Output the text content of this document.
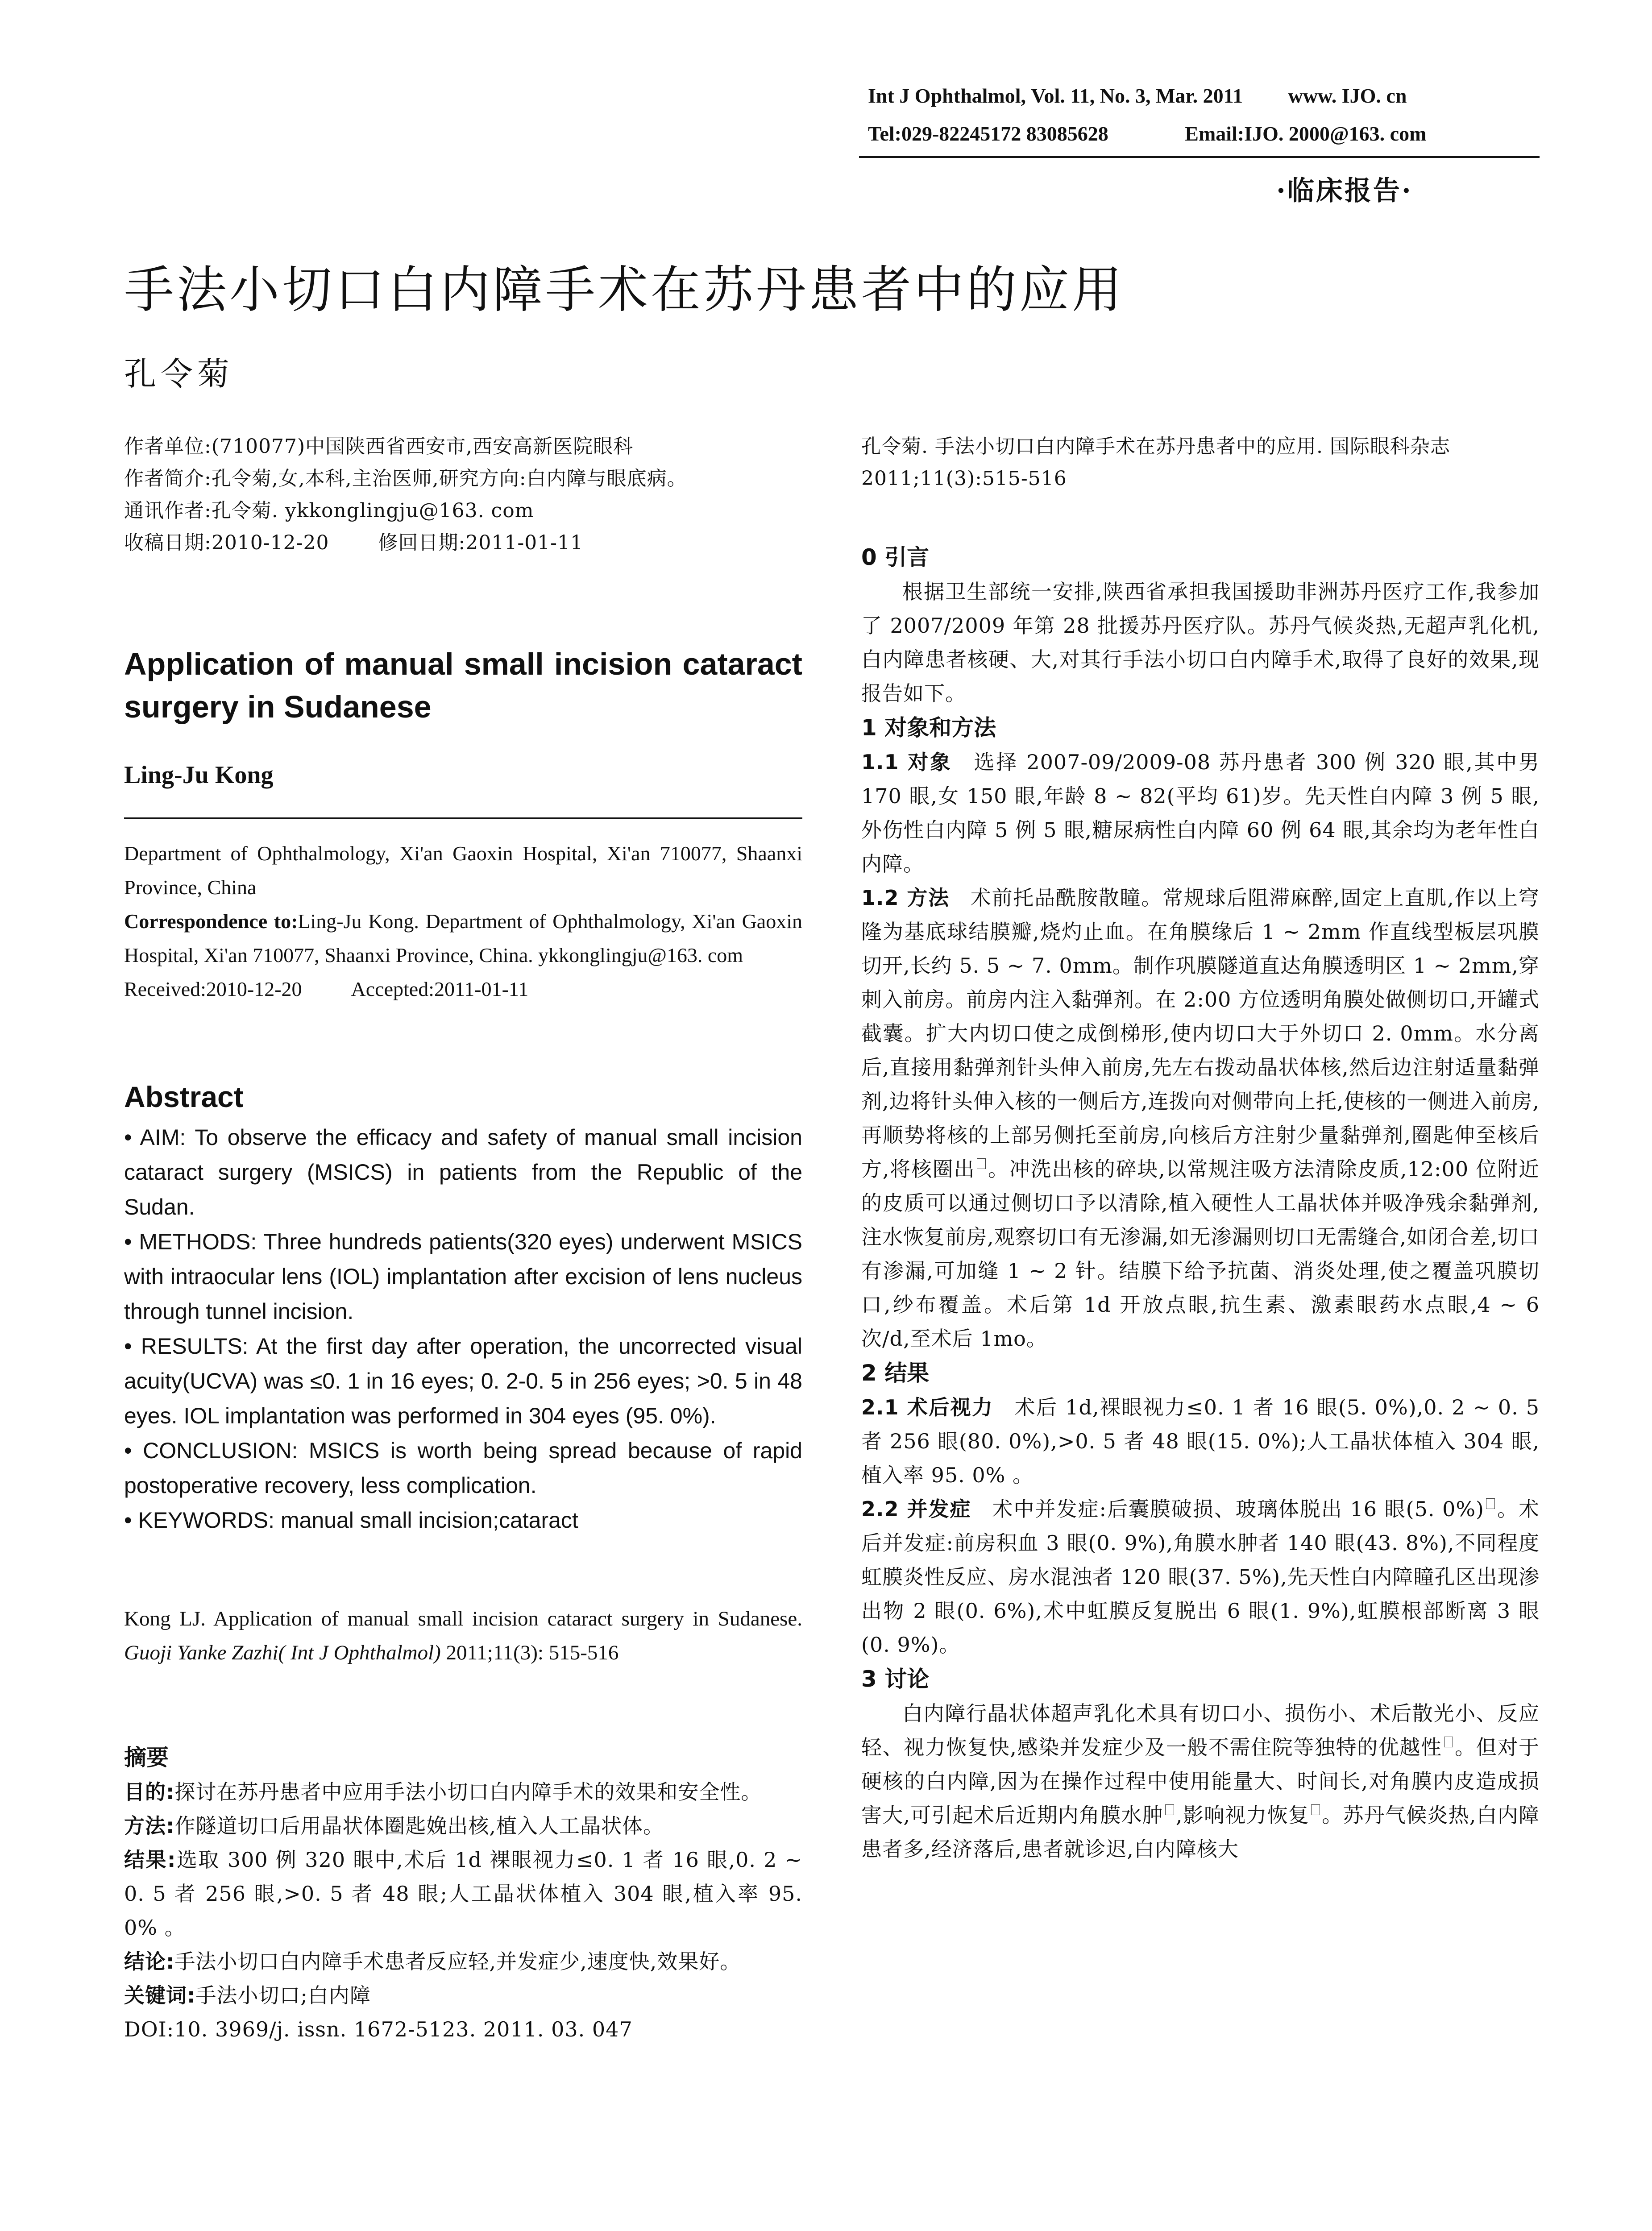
Int J Ophthalmol, Vol. 11, No. 3, Mar. 2011 www. IJO. cn
Tel:029-82245172 83085628	Email:IJO. 2000@163. com
·临床报告·
手法小切口白内障手术在苏丹患者中的应用
孔令菊

作者单位:(710077)中国陕西省西安市,西安高新医院眼科

作者简介:孔令菊,女,本科,主治医师,研究方向:白内障与眼底病。

通讯作者:孔令菊. ykkonglingju@163. com

收稿日期:2010-12-20	修回日期:2011-01-11

Application of manual small incision cataract surgery in Sudanese
Ling-Ju Kong

Department of Ophthalmology, Xi'an Gaoxin Hospital, Xi'an 710077, Shaanxi Province, China

Correspondence to:Ling-Ju Kong. Department of Ophthalmology, Xi'an Gaoxin Hospital, Xi'an 710077, Shaanxi Province, China. ykkonglingju@163. com

Received:2010-12-20 Accepted:2011-01-11

Abstract

• AIM: To observe the efficacy and safety of manual small incision cataract surgery (MSICS) in patients from the Republic of the Sudan.

• METHODS: Three hundreds patients(320 eyes) underwent MSICS with intraocular lens (IOL) implantation after excision of lens nucleus through tunnel incision.

• RESULTS: At the first day after operation, the uncorrected visual acuity(UCVA) was ≤0. 1 in 16 eyes; 0. 2-0. 5 in 256 eyes; >0. 5 in 48 eyes. IOL implantation was performed in 304 eyes (95. 0%).

• CONCLUSION: MSICS is worth being spread because of rapid postoperative recovery, less complication.

• KEYWORDS: manual small incision;cataract

Kong LJ. Application of manual small incision cataract surgery in Sudanese. Guoji Yanke Zazhi( Int J Ophthalmol) 2011;11(3): 515-516

摘要

目的:探讨在苏丹患者中应用手法小切口白内障手术的效果和安全性。

方法:作隧道切口后用晶状体圈匙娩出核,植入人工晶状体。

结果:选取 300 例 320 眼中,术后 1d 裸眼视力≤0. 1 者 16 眼,0. 2 ~ 0. 5 者 256 眼,>0. 5 者 48 眼;人工晶状体植入 304 眼,植入率 95. 0% 。

结论:手法小切口白内障手术患者反应轻,并发症少,速度快,效果好。

关键词:手法小切口;白内障

DOI:10. 3969/j. issn. 1672-5123. 2011. 03. 047

孔令菊. 手法小切口白内障手术在苏丹患者中的应用. 国际眼科杂志 2011;11(3):515-516

0 引言

根据卫生部统一安排,陕西省承担我国援助非洲苏丹医疗工作,我参加了 2007/2009 年第 28 批援苏丹医疗队。苏丹气候炎热,无超声乳化机,白内障患者核硬、大,对其行手法小切口白内障手术,取得了良好的效果,现报告如下。

1 对象和方法

1.1 对象 选择 2007-09/2009-08 苏丹患者 300 例 320 眼,其中男 170 眼,女 150 眼,年龄 8 ~ 82(平均 61)岁。先天性白内障 3 例 5 眼,外伤性白内障 5 例 5 眼,糖尿病性白内障 60 例 64 眼,其余均为老年性白内障。

1.2 方法 术前托品酰胺散瞳。常规球后阻滞麻醉,固定上直肌,作以上穹隆为基底球结膜瓣,烧灼止血。在角膜缘后 1 ~ 2mm 作直线型板层巩膜切开,长约 5. 5 ~ 7. 0mm。制作巩膜隧道直达角膜透明区 1 ~ 2mm,穿刺入前房。前房内注入黏弹剂。在 2:00 方位透明角膜处做侧切口,开罐式截囊。扩大内切口使之成倒梯形,使内切口大于外切口 2. 0mm。水分离后,直接用黏弹剂针头伸入前房,先左右拨动晶状体核,然后边注射适量黏弹剂,边将针头伸入核的一侧后方,连拨向对侧带向上托,使核的一侧进入前房,再顺势将核的上部另侧托至前房,向核后方注射少量黏弹剂,圈匙伸至核后方,将核圈出 。冲洗出核的碎块,以常规注吸方法清除皮质,12:00 位附近的皮质可以通过侧切口予以清除,植入硬性人工晶状体并吸净残余黏弹剂,注水恢复前房,观察切口有无渗漏,如无渗漏则切口无需缝合,如闭合差,切口有渗漏,可加缝 1 ~ 2 针。结膜下给予抗菌、消炎处理,使之覆盖巩膜切口,纱布覆盖。术后第 1d 开放点眼,抗生素、激素眼药水点眼,4 ~ 6 次/d,至术后 1mo。

2 结果

2.1 术后视力 术后 1d,裸眼视力≤0. 1 者 16 眼(5. 0%),0. 2 ~ 0. 5 者 256 眼(80. 0%),>0. 5 者 48 眼(15. 0%);人工晶状体植入 304 眼,植入率 95. 0% 。

2.2 并发症 术中并发症:后囊膜破损、玻璃体脱出 16 眼(5. 0%) 。术后并发症:前房积血 3 眼(0. 9%),角膜水肿者 140 眼(43. 8%),不同程度虹膜炎性反应、房水混浊者 120 眼(37. 5%),先天性白内障瞳孔区出现渗出物 2 眼(0. 6%),术中虹膜反复脱出 6 眼(1. 9%),虹膜根部断离 3 眼(0. 9%)。

3 讨论

白内障行晶状体超声乳化术具有切口小、损伤小、术后散光小、反应轻、视力恢复快,感染并发症少及一般不需住院等独特的优越性 。但对于硬核的白内障,因为在操作过程中使用能量大、时间长,对角膜内皮造成损害大,可引起术后近期内角膜水肿 ,影响视力恢复 。苏丹气候炎热,白内障患者多,经济落后,患者就诊迟,白内障核大
